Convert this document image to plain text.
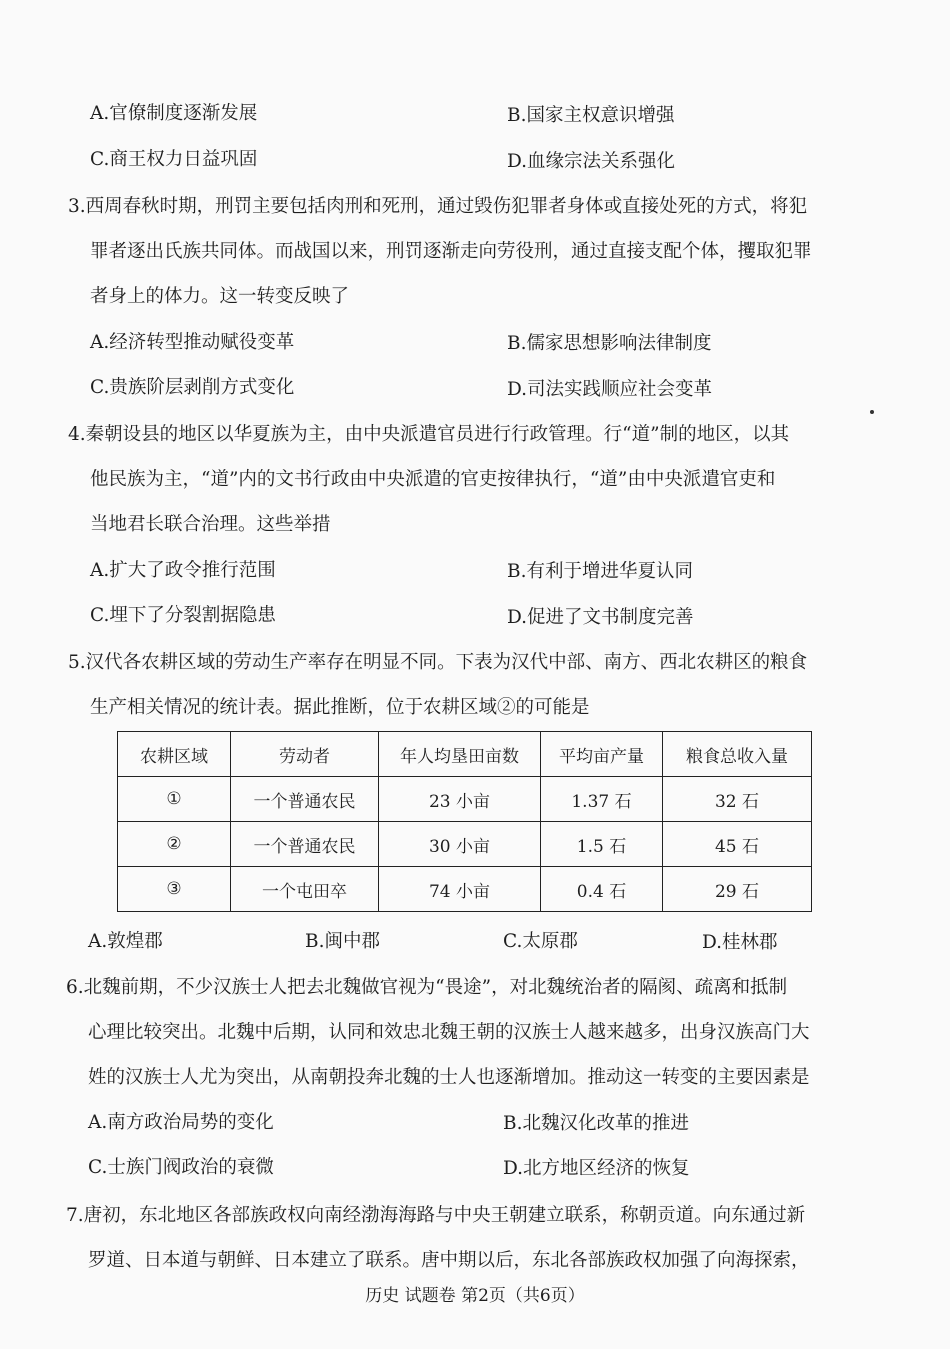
A.官僚制度逐渐发展	B.国家主权意识增强
C.商王权力日益巩固	D.血缘宗法关系强化
3.西周春秋时期，刑罚主要包括肉刑和死刑，通过毁伤犯罪者身体或直接处死的方式，将犯
罪者逐出氏族共同体。而战国以来，刑罚逐渐走向劳役刑，通过直接支配个体，攫取犯罪
者身上的体力。这一转变反映了
A.经济转型推动赋役变革	B.儒家思想影响法律制度
C.贵族阶层剥削方式变化	D.司法实践顺应社会变革
4.秦朝设县的地区以华夏族为主，由中央派遣官员进行行政管理。行“道”制的地区，以其
他民族为主，“道”内的文书行政由中央派遣的官吏按律执行，“道”由中央派遣官吏和
当地君长联合治理。这些举措
A.扩大了政令推行范围	B.有利于增进华夏认同
C.埋下了分裂割据隐患	D.促进了文书制度完善
5.汉代各农耕区域的劳动生产率存在明显不同。下表为汉代中部、南方、西北农耕区的粮食
生产相关情况的统计表。据此推断，位于农耕区域②的可能是
农耕区域	劳动者	年人均垦田亩数	平均亩产量	粮食总收入量
①	一个普通农民	23 小亩	1.37 石	32 石
②	一个普通农民	30 小亩	1.5 石	45 石
③	一个屯田卒	74 小亩	0.4 石	29 石
A.敦煌郡	B.闽中郡	C.太原郡	D.桂林郡
6.北魏前期，不少汉族士人把去北魏做官视为“畏途”，对北魏统治者的隔阂、疏离和抵制
心理比较突出。北魏中后期，认同和效忠北魏王朝的汉族士人越来越多，出身汉族高门大
姓的汉族士人尤为突出，从南朝投奔北魏的士人也逐渐增加。推动这一转变的主要因素是
A.南方政治局势的变化	B.北魏汉化改革的推进
C.士族门阀政治的衰微	D.北方地区经济的恢复
7.唐初，东北地区各部族政权向南经渤海海路与中央王朝建立联系，称朝贡道。向东通过新
罗道、日本道与朝鲜、日本建立了联系。唐中期以后，东北各部族政权加强了向海探索，
历史 试题卷 第2页（共6页）
